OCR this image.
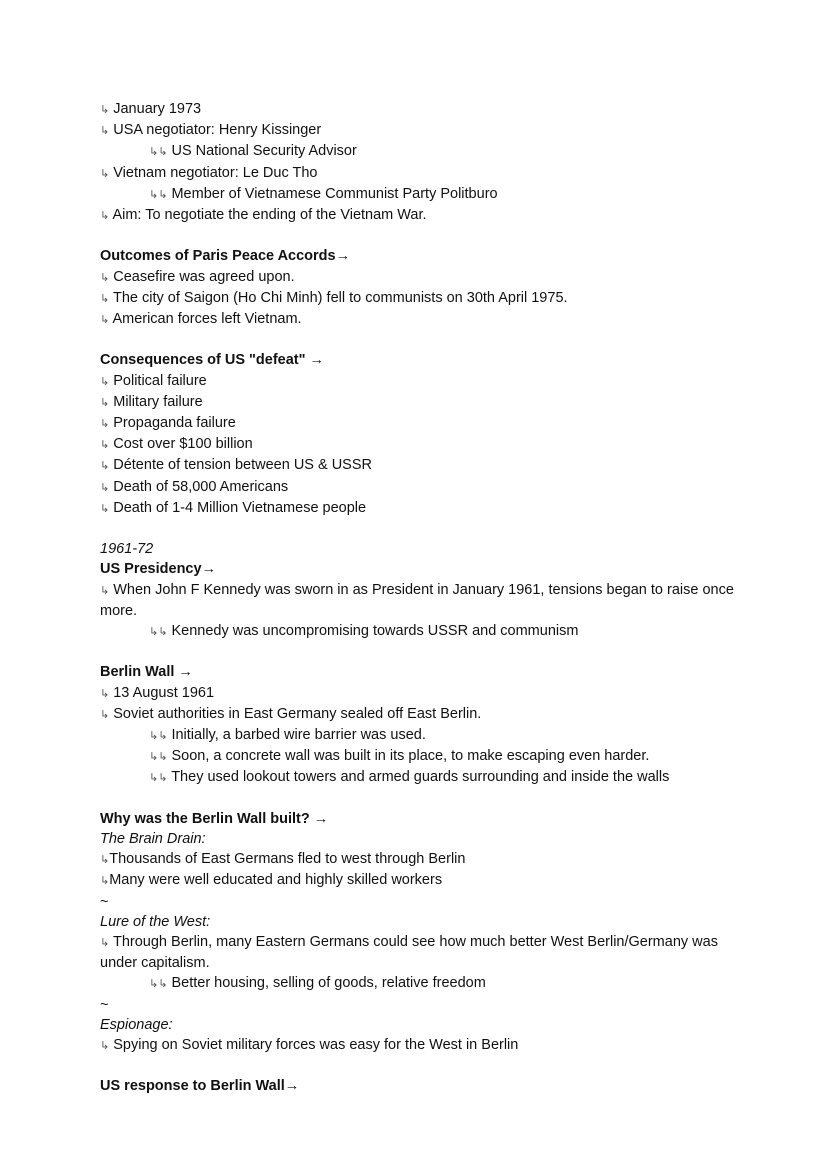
↳ January 1973
↳ USA negotiator: Henry Kissinger
↳↳ US National Security Advisor
↳ Vietnam negotiator: Le Duc Tho
↳↳ Member of Vietnamese Communist Party Politburo
↳ Aim: To negotiate the ending of the Vietnam War.
Outcomes of Paris Peace Accords→
↳ Ceasefire was agreed upon.
↳ The city of Saigon (Ho Chi Minh) fell to communists on 30th April 1975.
↳ American forces left Vietnam.
Consequences of US "defeat" →
↳ Political failure
↳ Military failure
↳ Propaganda failure
↳ Cost over $100 billion
↳ Détente of tension between US & USSR
↳ Death of 58,000 Americans
↳ Death of 1-4 Million Vietnamese people
1961-72
US Presidency→
↳ When John F Kennedy was sworn in as President in January 1961, tensions began to raise once more.
↳↳ Kennedy was uncompromising towards USSR and communism
Berlin Wall →
↳ 13 August 1961
↳ Soviet authorities in East Germany sealed off East Berlin.
↳↳ Initially, a barbed wire barrier was used.
↳↳ Soon, a concrete wall was built in its place, to make escaping even harder.
↳↳ They used lookout towers and armed guards surrounding and inside the walls
Why was the Berlin Wall built? →
The Brain Drain:
↳Thousands of East Germans fled to west through Berlin
↳Many were well educated and highly skilled workers
~
Lure of the West:
↳ Through Berlin, many Eastern Germans could see how much better West Berlin/Germany was under capitalism.
↳↳ Better housing, selling of goods, relative freedom
~
Espionage:
↳ Spying on Soviet military forces was easy for the West in Berlin
US response to Berlin Wall→
